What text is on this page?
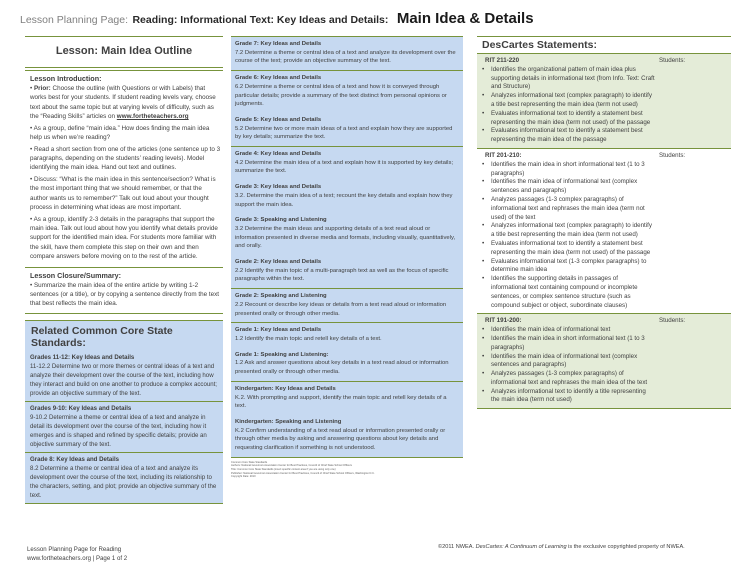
Lesson Planning Page: Reading: Informational Text: Key Ideas and Details: Main Idea & Details
Lesson: Main Idea Outline
Lesson Introduction:

• Prior: Choose the outline (with Questions or with Labels) that works best for your students. If student reading levels vary, choose text about the same topic but at varying levels of difficulty, such as the “Reading Skills” articles on www.fortheteachers.org

• As a group, define “main idea.” How does finding the main idea help us when we’re reading?

• Read a short section from one of the articles (one sentence up to 3 paragraphs, depending on the students’ reading levels). Model identifying the main idea. Hand out text and outlines.

• Discuss: “What is the main idea in this sentence/section? What is the most important thing that we should remember, or that the author wants us to remember?” Talk out loud about your thought process in determining what ideas are most important.

• As a group, identify 2-3 details in the paragraphs that support the main idea. Talk out loud about how you identify what details provide support for the identified main idea. For students more familiar with the skill, have them complete this step on their own and then compare answers before moving on to the rest of the article.

Lesson Closure/Summary:
• Summarize the main idea of the entire article by writing 1-2 sentences (or a title), or by copying a sentence directly from the text that best reflects the main idea.
Related Common Core State Standards:
Grades 11-12: Key Ideas and Details
11-12.2 Determine two or more themes or central ideas of a text and analyze their development over the course of the text, including how they interact and build on one another to produce a complex account; provide an objective summary of the text.
Grades 9-10: Key Ideas and Details
9-10.2 Determine a theme or central idea of a text and analyze in detail its development over the course of the text, including how it emerges and is shaped and refined by specific details; provide an objective summary of the text.
Grade 8: Key Ideas and Details
8.2 Determine a theme or central idea of a text and analyze its development over the course of the text, including its relationship to the characters, setting, and plot; provide an objective summary of the text.
Grade 7: Key Ideas and Details
7.2 Determine a theme or central idea of a text and analyze its development over the course of the text; provide an objective summary of the text.
Grade 6: Key Ideas and Details
6.2 Determine a theme or central idea of a text and how it is conveyed through particular details; provide a summary of the text distinct from personal opinions or judgments.
Grade 5: Key Ideas and Details
5.2 Determine two or more main ideas of a text and explain how they are supported by key details; summarize the text.
Grade 4: Key Ideas and Details
4.2 Determine the main idea of a text and explain how it is supported by key details; summarize the text.
Grade 3: Key Ideas and Details
3.2. Determine the main idea of a text; recount the key details and explain how they support the main idea.
Grade 3: Speaking and Listening
3.2 Determine the main ideas and supporting details of a text read aloud or information presented in diverse media and formats, including visually, quantitatively, and orally.
Grade 2: Key Ideas and Details
2.2 Identify the main topic of a multi-paragraph text as well as the focus of specific paragraphs within the text.
Grade 2: Speaking and Listening
2.2 Recount or describe key ideas or details from a text read aloud or information presented orally or through other media.
Grade 1: Key Ideas and Details
1.2 Identify the main topic and retell key details of a text.
Grade 1: Speaking and Listening:
1.2 Ask and answer questions about key details in a text read aloud or information presented orally or through other media.
Kindergarten: Key Ideas and Details
K.2. With prompting and support, identify the main topic and retell key details of a text.
Kindergarten: Speaking and Listening
K.2 Confirm understanding of a text read aloud or information presented orally or through other media by asking and answering questions about key details and requesting clarification if something is not understood.
Common Core State Standards
Authors: National Governors Association Center for Best Practices, Council of Chief State School Officers
Title: Common Core State Standards (insert specific content area if you are using only one)
Publisher: National Governors Association Center for Best Practices, Council of Chief State School Officers, Washington D.C.
Copyright Date: 2010
DesCartes Statements:
RIT 211-220
• Identifies the organizational pattern of main idea plus supporting details in informational text (from Info. Text: Craft and Structure)
• Analyzes informational text (complex paragraph) to identify a title best representing the main idea (term not used)
• Evaluates informational text to identify a statement best representing the main idea (term not used) of the passage
• Evaluates informational text to identify a statement best representing the main idea of the passage
Students:
RIT 201-210:
• Identifies the main idea in short informational text (1 to 3 paragraphs)
• Identifies the main idea of informational text (complex sentences and paragraphs)
• Analyzes passages (1-3 complex paragraphs) of informational text and rephrases the main idea (term not used) of the text
• Analyzes informational text (complex paragraph) to identify a title best representing the main idea (term not used)
• Evaluates informational text to identify a statement best representing the main idea (term not used) of the passage
• Evaluates informational text (1-3 complex paragraphs) to determine main idea
• Identifies the supporting details in passages of informational text containing compound or incomplete sentences, or complex sentence structure (such as compound subject or object, subordinate clauses)
Students:
RIT 191-200:
• Identifies the main idea of informational text
• Identifies the main idea in short informational text (1 to 3 paragraphs)
• Identifies the main idea of informational text (complex sentences and paragraphs)
• Analyzes passages (1-3 complex paragraphs) of informational text and rephrases the main idea of the text
• Analyzes informational text to identify a title representing the main idea (term not used)
Students:
Lesson Planning Page for Reading
www.fortheteachers.org | Page 1 of 2
©2011 NWEA. DesCartes: A Continuum of Learning is the exclusive copyrighted property of NWEA.
